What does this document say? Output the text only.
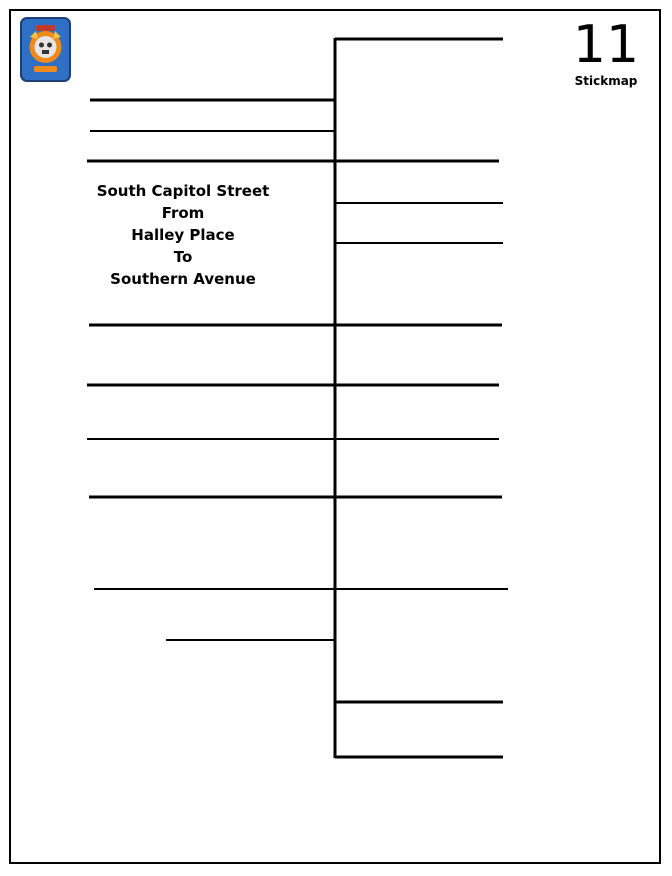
11
Stickmap
South Capitol Street
From
Halley Place
To
Southern Avenue
